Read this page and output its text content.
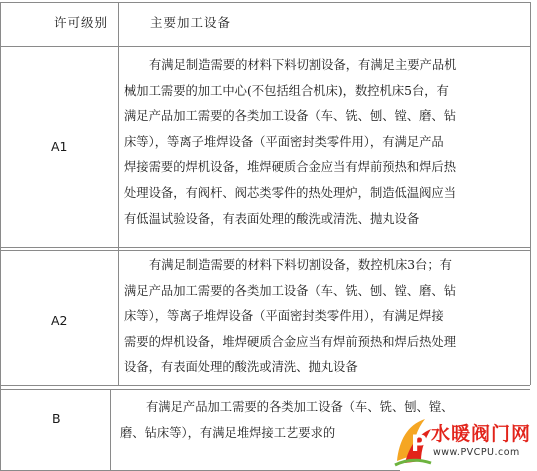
许可级别	主要加工设备
A1
有满足制造需要的材料下料切割设备，有满足主要产品机
械加工需要的加工中心(不包括组合机床)，数控机床5台，有
满足产品加工需要的各类加工设备（车、铣、刨、镗、磨、钻
床等），等离子堆焊设备（平面密封类零件用），有满足产品
焊接需要的焊机设备，堆焊硬质合金应当有焊前预热和焊后热
处理设备，有阀杆、阀芯类零件的热处理炉，制造低温阀应当
有低温试验设备，有表面处理的酸洗或清洗、抛丸设备
A2
有满足制造需要的材料下料切割设备，数控机床3台；有
满足产品加工需要的各类加工设备（车、铣、刨、镗、磨、钻
床等），等离子堆焊设备（平面密封类零件用），有满足焊接
需要的焊机设备，堆焊硬质合金应当有焊前预热和焊后热处理
设备，有表面处理的酸洗或清洗、抛丸设备
B
有满足产品加工需要的各类加工设备（车、铣、刨、镗、
磨、钻床等），有满足堆焊接工艺要求的	P 水暖阀门网
www.PVCPU.com
